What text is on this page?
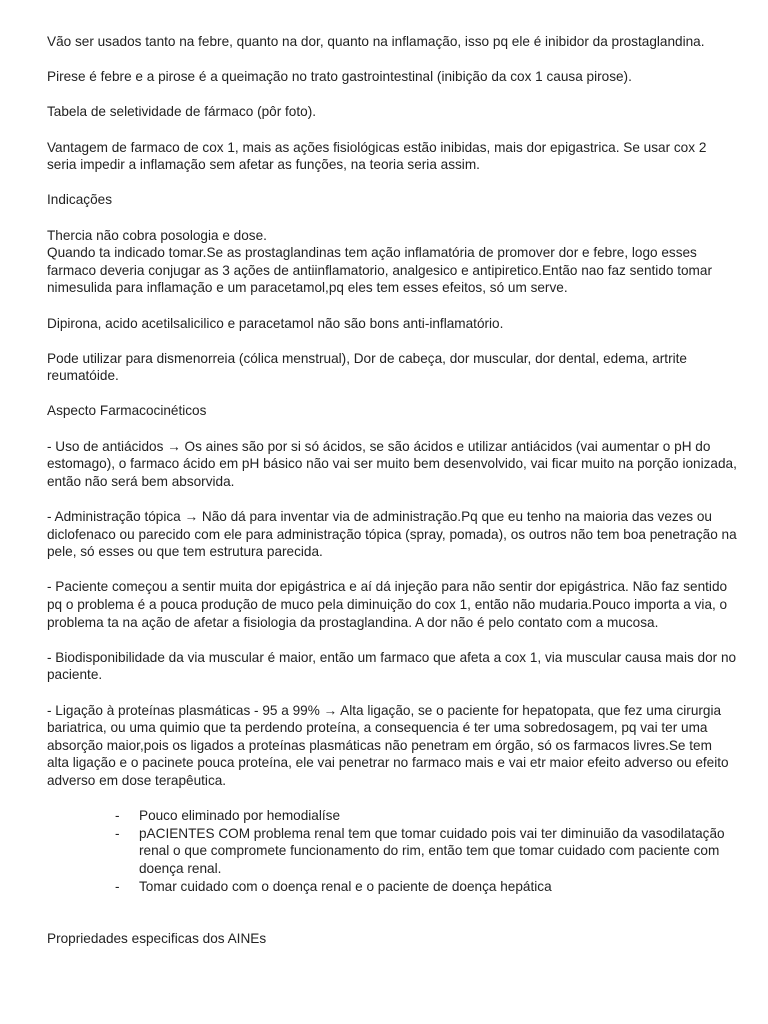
Vão ser usados tanto na febre, quanto na dor, quanto na inflamação, isso pq ele é inibidor da prostaglandina.

Pirese é febre e a pirose é a queimação no trato gastrointestinal (inibição da cox 1 causa pirose).

Tabela de seletividade de fármaco (pôr foto).

Vantagem de farmaco de cox 1, mais as ações fisiológicas estão inibidas, mais dor epigastrica. Se usar cox 2 seria impedir a inflamação sem afetar as funções, na teoria seria assim.

Indicações

Thercia não cobra posologia e dose.

Quando ta indicado tomar.Se as prostaglandinas tem ação inflamatória de promover dor e febre, logo esses farmaco deveria conjugar as 3 ações de antiinflamatorio, analgesico e antipiretico.Então nao faz sentido tomar nimesulida para inflamação e um paracetamol,pq eles tem esses efeitos, só um serve.

Dipirona, acido acetilsalicilico e paracetamol não são bons anti-inflamatório.

Pode utilizar para dismenorreia (cólica menstrual), Dor de cabeça, dor muscular, dor dental, edema, artrite reumatóide.

Aspecto Farmacocinéticos

- Uso de antiácidos → Os aines são por si só ácidos, se são ácidos e utilizar antiácidos (vai aumentar o pH do estomago), o farmaco ácido em pH básico não vai ser muito bem desenvolvido, vai ficar muito na porção ionizada, então não será bem absorvida.

- Administração tópica → Não dá para inventar via de administração.Pq que eu tenho na maioria das vezes ou diclofenaco ou parecido com ele para administração tópica (spray, pomada), os outros não tem boa penetração na pele, só esses ou que tem estrutura parecida.

- Paciente começou a sentir muita dor epigástrica e aí dá injeção para não sentir dor epigástrica. Não faz sentido pq o problema é a pouca produção de muco pela diminuição do cox 1, então não mudaria.Pouco importa a via, o problema ta na ação de afetar a fisiologia da prostaglandina. A dor não é pelo contato com a mucosa.

- Biodisponibilidade da via muscular é maior, então um farmaco que afeta a cox 1, via muscular causa mais dor no paciente.

- Ligação à proteínas plasmáticas - 95 a 99% → Alta ligação, se o paciente for hepatopata, que fez uma cirurgia bariatrica, ou uma quimio que ta perdendo proteína, a consequencia é ter uma sobredosagem, pq vai ter uma absorção maior,pois os ligados a proteínas plasmáticas não penetram em órgão, só os farmacos livres.Se tem alta ligação e o pacinete pouca proteína, ele vai penetrar no farmaco mais e vai etr maior efeito adverso ou efeito adverso em dose terapêutica.

- Pouco eliminado por hemodialíse
- pACIENTES COM problema renal tem que tomar cuidado pois vai ter diminuião da vasodilatação renal o que compromete funcionamento do rim, então tem que tomar cuidado com paciente com doença renal.
- Tomar cuidado com o doença renal e o paciente de doença hepática

Propriedades especificas dos AINEs
